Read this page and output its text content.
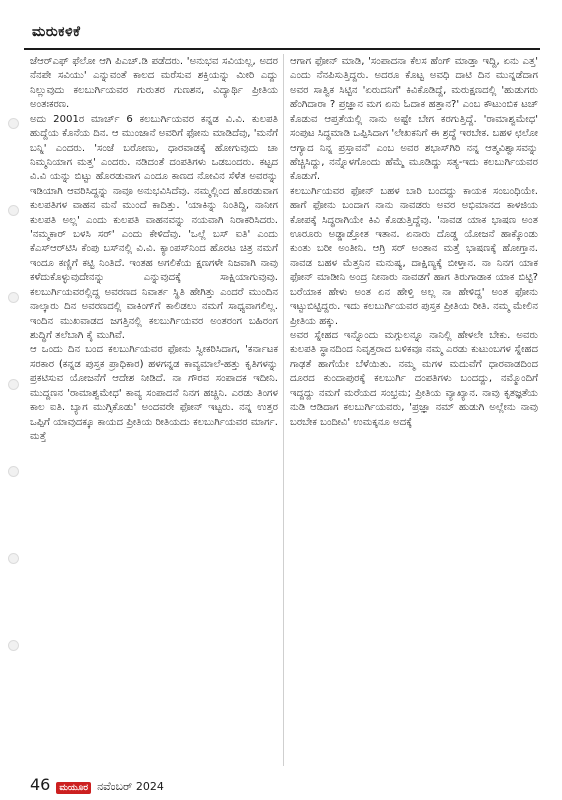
ಮರುಕಳಿಕೆ
ಜೆಆರ್‌ಎಫ್ ಫೆಲೋ ಆಗಿ ಪಿಎಚ್.ಡಿ ಪಡೆದರು. 'ಅನುಭವ ಸವಿಯಲ್ಲ, ಅದರ ನೆನಪೇ ಸವಿಯು' ಎನ್ನುವಂತೆ ಕಾಲದ ಮರೆಸುವ ಶಕ್ತಿಯನ್ನು ಮೀರಿ ಎದ್ದು ನಿಲ್ಲುವುದು ಕಲಬುರ್ಗಿಯವರ ಗುರುತರ ಗುಣಶನ, ವಿದ್ಯಾರ್ಥಿ ಪ್ರೀತಿಯ ಅಂತಃಕರಣ.
ಅದು 2001ರ ಮಾರ್ಚ್ 6 ಕಲಬುರ್ಗಿಯವರ ಕನ್ನಡ ವಿ.ವಿ. ಕುಲಪತಿ ಹುದ್ದೆಯ ಕೊನೆಯ ದಿನ. ಆ ಮುಂಜಾನೆ ಅವರಿಗೆ ಫೋನು ಮಾಡಿದೆವು, 'ಮನೆಗೆ ಬನ್ನಿ' ಎಂದರು. 'ಸಂಜೆ ಬರೋಣು, ಧಾರವಾಡಕ್ಕೆ ಹೋಗುವುದು ಚಾ ನಿಮ್ಮನಿಯಾಗ ಮತ್ತ' ಎಂದರು. ನಡಿದಂತೆ ದಂಪತಿಗಳು ಒಡಬಂದರು. ಕಟ್ಟದ ವಿ.ವಿ ಯನ್ನು ಬಿಟ್ಟು ಹೊರಡುವಾಗ ಎಂದೂ ಕಾಣದ ನೋವಿನ ಸೆಳೆತ ಅವರನ್ನು ಇಡಿಯಾಗಿ ಆವರಿಸಿದ್ದನ್ನು ನಾವೂ ಅನುಭವಿಸಿದೆವು. ನಮ್ಮಲ್ಲಿಂದ ಹೊರಡುವಾಗ ಕುಲಪತಿಗಳ ವಾಹನ ಮನೆ ಮುಂದೆ ಕಾದಿತ್ತು. 'ಯಾಕಿನ್ನು ನಿಂತಿದ್ದಿ, ನಾನೀಗ ಕುಲಪತಿ ಅಲ್ಲ' ಎಂದು ಕುಲಪತಿ ವಾಹನವನ್ನು ನಯವಾಗಿ ನಿರಾಕರಿಸಿದರು. 'ನಮ್ಮಕಾರ್ ಬಳಸಿ ಸರ್' ಎಂದು ಕೇಳಿದೆವು. 'ಒಲ್ಲೆ ಬಸ್ ಐತಿ' ಎಂದು ಕೆಎಸ್‌ಆರ್‌ಟಿಸಿ ಕೆಂಪು ಬಸ್‌ನಲ್ಲಿ ವಿ.ವಿ. ಕ್ಯಾಂಪಸ್‌ನಿಂದ ಹೊರಟ ಚಿತ್ರ ನಮಗೆ ಇಂದೂ ಕಣ್ಣಿಗೆ ಕಟ್ಟಿ ನಿಂತಿದೆ. ಇಂತಹ ಅಗಲಿಕೆಯ ಕ್ಷಣಗಳೇ ನಿಜವಾಗಿ ನಾವು ಕಳೆದುಕೊಳ್ಳುವುದೇನನ್ನು ಎನ್ನುವುದಕ್ಕೆ ಸಾಕ್ಷಿಯಾಗುವುವು. ಕಲಬುರ್ಗಿಯವರಲ್ಲಿದ್ದ ಅವರಣದ ನಿವಾರ್ತ ಸ್ಥಿತಿ ಹೇಗಿತ್ತು ಎಂದರೆ ಮುಂದಿನ ನಾಲ್ಕಾರು ದಿನ ಅವರಣದಲ್ಲಿ ವಾಕಿಂಗ್‌ಗೆ ಕಾಲಿಡಲು ನಮಗೆ ಸಾಧ್ಯವಾಗಲಿಲ್ಲ. ಇಂದಿನ ಮುಖವಾಡದ ಜಗತ್ತಿನಲ್ಲಿ ಕಲಬುರ್ಗಿಯವರ ಅಂತರಂಗ ಬಹಿರಂಗ ಶುದ್ಧಿಗೆ ತಲೆಬಾಗಿ ಕೈ ಮುಗಿವೆ.
ಆ ಒಂದು ದಿನ ಬಂದ ಕಲಬುರ್ಗಿಯವರ ಫೋನು ಸ್ವೀಕರಿಸಿದಾಗ, 'ಕರ್ನಾಟಕ ಸರಕಾರ (ಕನ್ನಡ ಪುಸ್ತಕ ಪ್ರಾಧಿಕಾರ) ಹಳಗನ್ನಡ ಕಾವ್ಯಮಾಲೆ-ಹತ್ತು ಕೃತಿಗಳನ್ನು ಪ್ರಕಟಿಸುವ ಯೋಜನೆಗೆ ಆದೇಶ ನೀಡಿದೆ. ನಾ ಗೌರವ ಸಂಪಾದಕ ಇದೀನಿ. ಮುದ್ದಣನ 'ರಾಮಾಶ್ವಮೇಧ' ಕಾವ್ಯ ಸಂಪಾದನೆ ನಿನಗ ಹಚ್ಚಿನಿ. ಎರಡು ತಿಂಗಳ ಕಾಲ ಐತಿ. ಬ್ಯಾಗ ಮುಗ್ಸಿಕೊಡು' ಅಂದವರೇ ಫೋನ್ ಇಟ್ಟರು. ನನ್ನ ಉತ್ತರ ಒಪ್ಪಿಗೆ ಯಾವುದಕ್ಕೂ ಕಾಯದ ಪ್ರೀತಿಯ ರೀತಿಯದು ಕಲಬುರ್ಗಿಯವರ ಮಾರ್ಗ. ಮತ್ತೆ
ಆಗಾಗ ಫೋನ್ ಮಾಡಿ, 'ಸಂಪಾದನಾ ಕೆಲಸ ಹೆಂಗ್ ಮಾಡ್ತಾ ಇದ್ದಿ, ಏನು ಎತ್ತ' ಎಂದು ನೆನಪಿಸುತ್ತಿದ್ದರು. ಅದರೂ ಕೊಟ್ಟ ಅವಧಿ ದಾಟಿ ದಿನ ಮುನ್ನಡೆದಾಗ ಅವರ ಸಾತ್ವಿಕ ಸಿಟ್ಟಿನ 'ಏರುದನಿಗೆ' ಕಿವಿಕೊಡಿದ್ದೆ, ಮರುಕ್ಷಣದಲ್ಲಿ 'ಹುಡುಗರು ಹೆಂಗಿದಾರಾ ? ಪ್ರಜ್ಞಾನ ಮಗ ಏನು ಓದಾಕ ಹತ್ತಾನ?' ಎಂಬ ಕೌಟುಂಬಿಕ ಟಚ್ ಕೊಡುವ ಆಪ್ತತೆಯಲ್ಲಿ ನಾನು ಅಷ್ಟೇ ಬೇಗ ಕರಗುತ್ತಿದ್ದೆ. 'ರಾಮಾಶ್ವಮೇಧ' ಸಂಪುಟ ಸಿದ್ಧಮಾಡಿ ಒಪ್ಪಿಸಿದಾಗ 'ಲೇಖಕನಿಗೆ ಈ ಶ್ರದ್ಧೆ ಇರಬೇಕ. ಬಹಳ ಛಲೋ ಆಗ್ಯಾದ ನಿನ್ನ ಪ್ರಸ್ತಾವನೆ' ಎಂಬ ಅವರ ಶಭಾಸ್‌ಗಿರಿ ನನ್ನ ಆತ್ಮವಿಶ್ವಾಸವನ್ನು ಹೆಚ್ಚಿಸಿದ್ದು, ನನ್ನೊಳಗೊಂದು ಹೆಮ್ಮೆ ಮೂಡಿದ್ದು ಸತ್ಯ-ಇದು ಕಲಬುರ್ಗಿಯವರ ಕೊಡುಗೆ.
ಕಲಬುರ್ಗಿಯವರ ಫೋನ್ ಬಹಳ ಬಾರಿ ಬಂದದ್ದು ಕಾಯಕ ಸಂಬಂಧಿಯೇ. ಹಾಗೆ ಫೋನು ಬಂದಾಗ ನಾನು ನಾವಡರು ಅವರ ಅಭಿಮಾನದ ಕಾಳಜಿಯ ಕೋಪಕ್ಕೆ ಸಿದ್ಧರಾಗಿಯೇ ಕಿವಿ ಕೊಡುತ್ತಿದ್ದೆವು. 'ನಾವಡ ಯಾಕ ಭಾಷಣ ಅಂತ ಊರೂರು ಅಡ್ಡಾಡ್ತೋತ ಇತಾನ. ಏನಾರು ದೊಡ್ಡ ಯೋಜನೆ ಹಾಕ್ಕೊಂಡು ಕುಂತು ಬರೀ ಅಂತೀನಿ. ಆಗ್ರಿ ಸರ್ ಅಂತಾನ ಮತ್ತೆ ಭಾಷಣಕ್ಕೆ ಹೋಗ್ತಾನ. ನಾವಡ ಬಹಳ ಮೆತ್ತನಿನ ಮನುಷ್ಯ, ದಾಕ್ಷಿಣ್ಯಕ್ಕೆ ಬೀಳ್ತಾನ. ನಾ ನಿನಗ ಯಾಕ ಫೋನ್ ಮಾಡೀನಿ ಅಂದ್ರ ನೀನಾರು ನಾವಡಗೆ ಹಾಗ ತಿರುಗಾಡಾಕ ಯಾಕ ಬಿಟ್ಟಿ? ಬರೆಯಾಕ ಹೇಳು ಅಂತ ಏನ ಹೇಳ್ತಿ ಅಲ್ಲ ನಾ ಹೇಳಿದ್ದ' ಅಂತ ಫೋನು ಇಟ್ಟುಬಿಟ್ಟಿದ್ದರು. ಇದು ಕಲಬುರ್ಗಿಯವರ ಪುಸ್ತಕ ಪ್ರೀತಿಯ ರೀತಿ. ನಮ್ಮ ಮೇಲಿನ ಪ್ರೀತಿಯ ಹಕ್ಕು.
ಅವರ ಸ್ನೇಹದ ಇನ್ನೊಂದು ಮಗ್ಗುಲನ್ನೂ ನಾನಿಲ್ಲಿ ಹೇಳಲೇ ಬೇಕು. ಅವರು ಕುಲಪತಿ ಸ್ಥಾನದಿಂದ ನಿವೃತ್ತರಾದ ಬಳಿಕವೂ ನಮ್ಮ ಎರಡು ಕುಟುಂಬಗಳ ಸ್ನೇಹದ ಗಾಢತೆ ಹಾಗೆಯೇ ಬೆಳೆಯಿತು. ನಮ್ಮ ಮಗಳ ಮದುವೆಗೆ ಧಾರವಾಡದಿಂದ ದೂರದ ಕುಂದಾಪುರಕ್ಕೆ ಕಲಬುರ್ಗಿ ದಂಪತಿಗಳು ಬಂದದ್ದು, ನಮ್ಮೊಂದಿಗೆ ಇದ್ದದ್ದು ನಮಗೆ ಮರೆಯದ ಸಂಭ್ರಮ; ಪ್ರೀತಿಯ ವ್ಯಾಖ್ಯಾನ. ನಾವು ಕೃತಜ್ಞತೆಯ ನುಡಿ ಆಡಿದಾಗ ಕಲಬುರ್ಗಿಯವರು, 'ಪ್ರಜ್ಞಾ ನಮ್ ಹುಡುಗಿ ಅಲ್ಲೇನು ನಾವು ಬರಬೇಕ ಬಂದೀವಿ' ಉಮಕ್ಕನೂ ಅದಕ್ಕೆ
46	ಮಯೂರ ನವೆಂಬರ್ 2024
